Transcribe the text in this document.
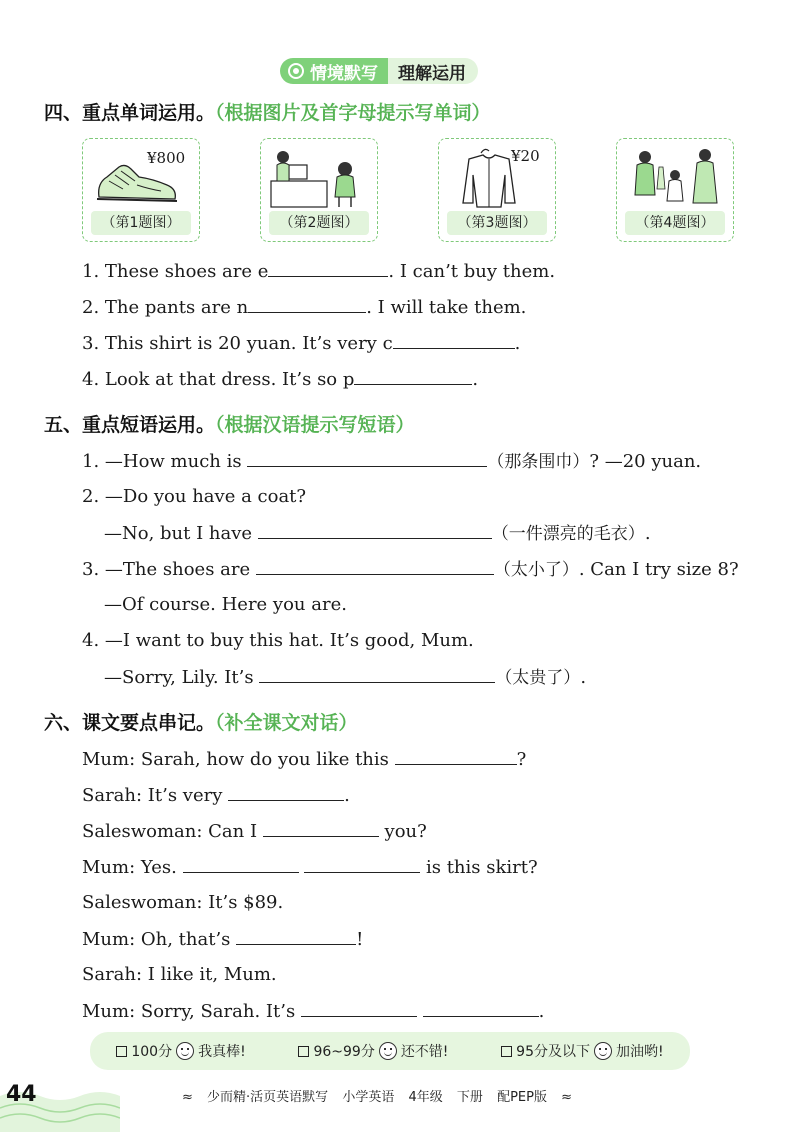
情境默写 理解运用
四、重点单词运用。（根据图片及首字母提示写单词）
¥800
（第1题图）	（第2题图）
¥20
（第3题图）	（第4题图）
1. These shoes are e	. I can’t buy them.
2. The pants are n	. I will take them.
3. This shirt is 20 yuan. It’s very c	.
4. Look at that dress. It’s so p	.
五、重点短语运用。（根据汉语提示写短语）
1. —How much is	（那条围巾）? —20 yuan.
2. —Do you have a coat?
—No, but I have	（一件漂亮的毛衣）.
3. —The shoes are	（太小了）. Can I try size 8?
—Of course. Here you are.
4. —I want to buy this hat. It’s good, Mum.
—Sorry, Lily. It’s	（太贵了）.
六、课文要点串记。（补全课文对话）
Mum: Sarah, how do you like this	?
Sarah: It’s very	.
Saleswoman: Can I	you?
Mum: Yes.	is this skirt?
Saleswoman: It’s $89.
Mum: Oh, that’s	!
Sarah: I like it, Mum.
Mum: Sorry, Sarah. It’s	.
100分 我真棒!	96~99分 还不错!	95分及以下 加油哟!
44	≈ 少而精·活页英语默写 小学英语 4年级 下册 配PEP版 ≈
